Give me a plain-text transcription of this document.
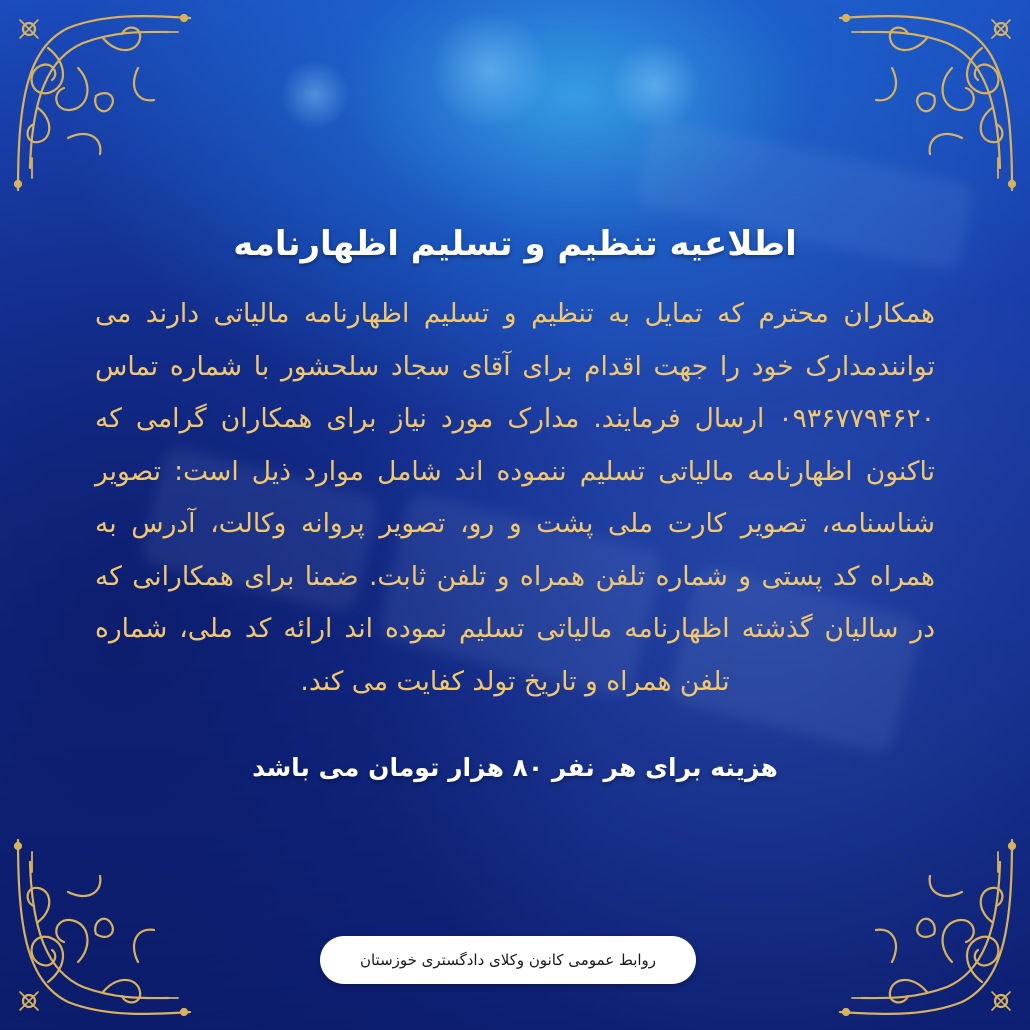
اطلاعیه تنظیم و تسلیم اظهارنامه

همکاران محترم که تمایل به تنظیم و تسلیم اظهارنامه مالیاتی دارند می توانندمدارک خود را جهت اقدام برای آقای سجاد سلحشور با شماره تماس ۰۹۳۶۷۷۹۴۶۲۰ ارسال فرمایند. مدارک مورد نیاز برای همکاران گرامی که تاکنون اظهارنامه مالیاتی تسلیم ننموده اند شامل موارد ذیل است: تصویر شناسنامه، تصویر کارت ملی پشت و رو، تصویر پروانه وکالت، آدرس به همراه کد پستی و شماره تلفن همراه و تلفن ثابت. ضمنا برای همکارانی که در سالیان گذشته اظهارنامه مالیاتی تسلیم نموده اند ارائه کد ملی، شماره تلفن همراه و تاریخ تولد کفایت می کند.

هزینه برای هر نفر ۸۰ هزار تومان می باشد
روابط عمومی کانون وکلای دادگستری خوزستان
